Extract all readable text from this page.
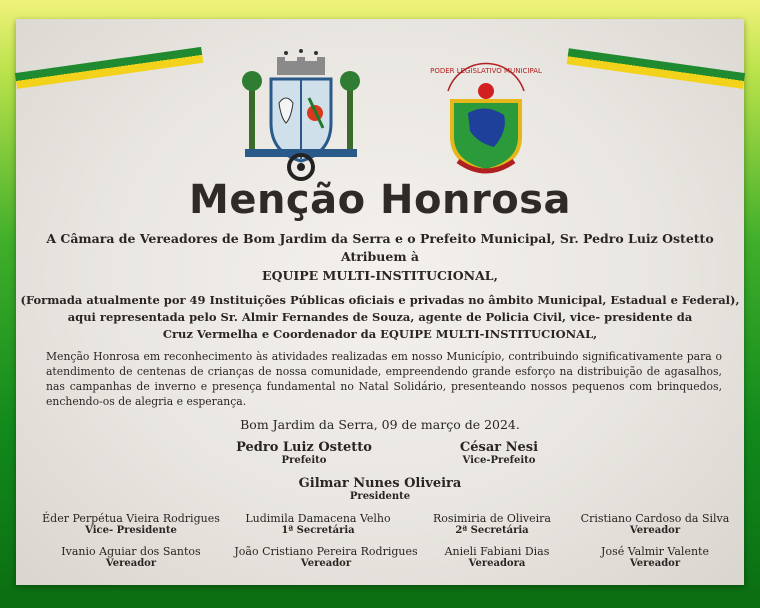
PODER LEGISLATIVO MUNICIPAL
Menção Honrosa
A Câmara de Vereadores de Bom Jardim da Serra e o Prefeito Municipal, Sr. Pedro Luiz Ostetto
Atribuem à
EQUIPE MULTI-INSTITUCIONAL,
(Formada atualmente por 49 Instituições Públicas oficiais e privadas no âmbito Municipal, Estadual e Federal),
aqui representada pelo Sr. Almir Fernandes de Souza, agente de Policia Civil, vice- presidente da
Cruz Vermelha e Coordenador da EQUIPE MULTI-INSTITUCIONAL,
Menção Honrosa em reconhecimento às atividades realizadas em nosso Município, contribuindo significativamente para o atendimento de centenas de crianças de nossa comunidade, empreendendo grande esforço na distribuição de agasalhos, nas campanhas de inverno e presença fundamental no Natal Solidário, presenteando nossos pequenos com brinquedos, enchendo-os de alegria e esperança.
Bom Jardim da Serra, 09 de março de 2024.
Pedro Luiz Ostetto
Prefeito
César Nesi
Vice-Prefeito
Gilmar Nunes Oliveira
Presidente
Éder Perpétua Vieira Rodrigues
Vice- Presidente
Ludimila Damacena Velho
1ª Secretária
Rosimiria de Oliveira
2ª Secretária
Cristiano Cardoso da Silva
Vereador
Ivanio Aguiar dos Santos
Vereador
João Cristiano Pereira Rodrigues
Vereador
Anieli Fabiani Dias
Vereadora
José Valmir Valente
Vereador
